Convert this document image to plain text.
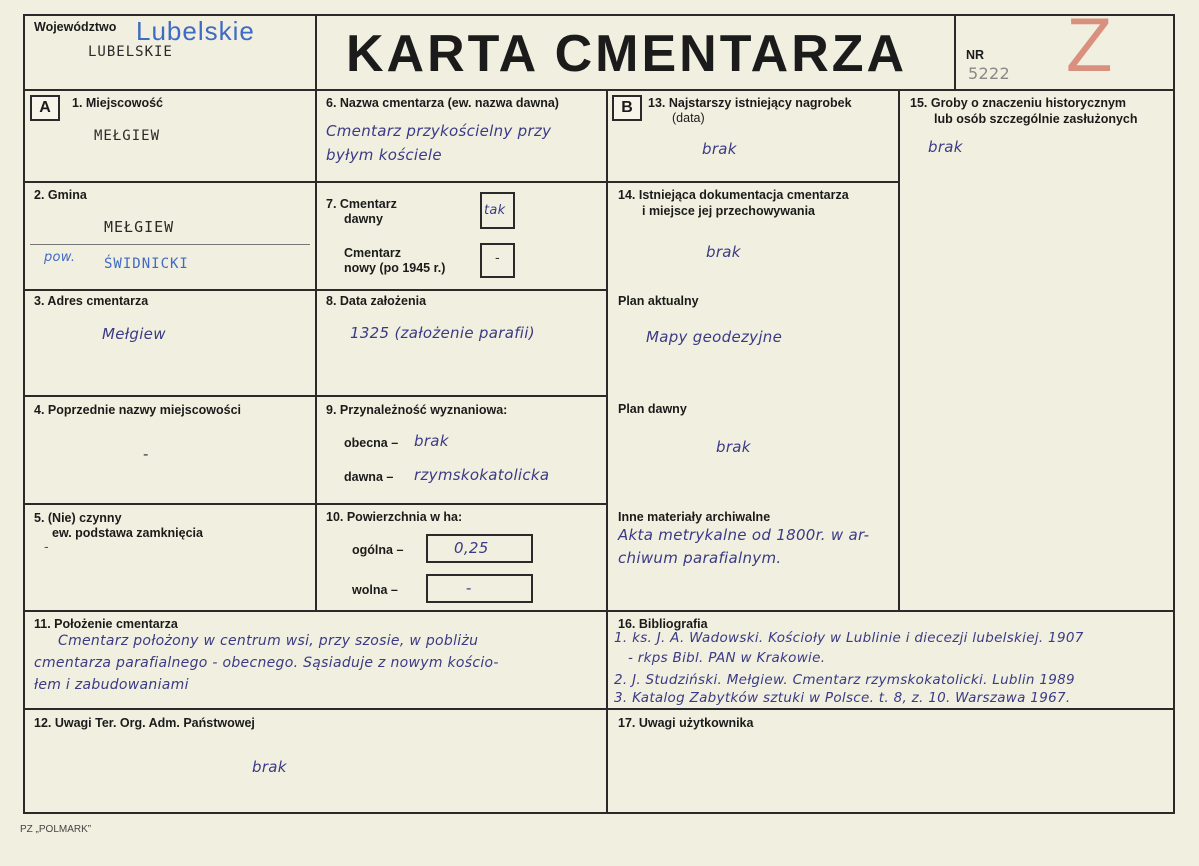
Województwo Lubelskie
LUBELSKIE	KARTA CMENTARZA	NR
5222 Z
A	1. Miejscowość
MEŁGIEW
2. Gmina
MEŁGIEW
pow. ŚWIDNICKI
3. Adres cmentarza
Mełgiew
4. Poprzednie nazwy miejscowości
-
5. (Nie) czynny
ew. podstawa zamknięcia
-
6. Nazwa cmentarza (ew. nazwa dawna)
Cmentarz przykościelny przy
byłym kościele
7. Cmentarz
dawny
tak
Cmentarz
nowy (po 1945 r.)
-
8. Data założenia
1325 (założenie parafii)
9. Przynależność wyznaniowa:
obecna – brak
dawna – rzymskokatolicka
10. Powierzchnia w ha:
ogólna –	0,25
wolna –	-
B	13. Najstarszy istniejący nagrobek
(data)
brak
14. Istniejąca dokumentacja cmentarza
i miejsce jej przechowywania
brak
Plan aktualny
Mapy geodezyjne
Plan dawny
brak
Inne materiały archiwalne
Akta metrykalne od 1800r. w ar-
chiwum parafialnym.
15. Groby o znaczeniu historycznym
lub osób szczególnie zasłużonych
brak
11. Położenie cmentarza
Cmentarz położony w centrum wsi, przy szosie, w pobliżu
cmentarza parafialnego - obecnego. Sąsiaduje z nowym kościo-
łem i zabudowaniami
16. Bibliografia
1. ks. J. A. Wadowski. Kościoły w Lublinie i diecezji lubelskiej. 1907
- rkps Bibl. PAN w Krakowie.
2. J. Studziński. Mełgiew. Cmentarz rzymskokatolicki. Lublin 1989
3. Katalog Zabytków sztuki w Polsce. t. 8, z. 10. Warszawa 1967.
12. Uwagi Ter. Org. Adm. Państwowej
brak
17. Uwagi użytkownika
PZ „POLMARK”
